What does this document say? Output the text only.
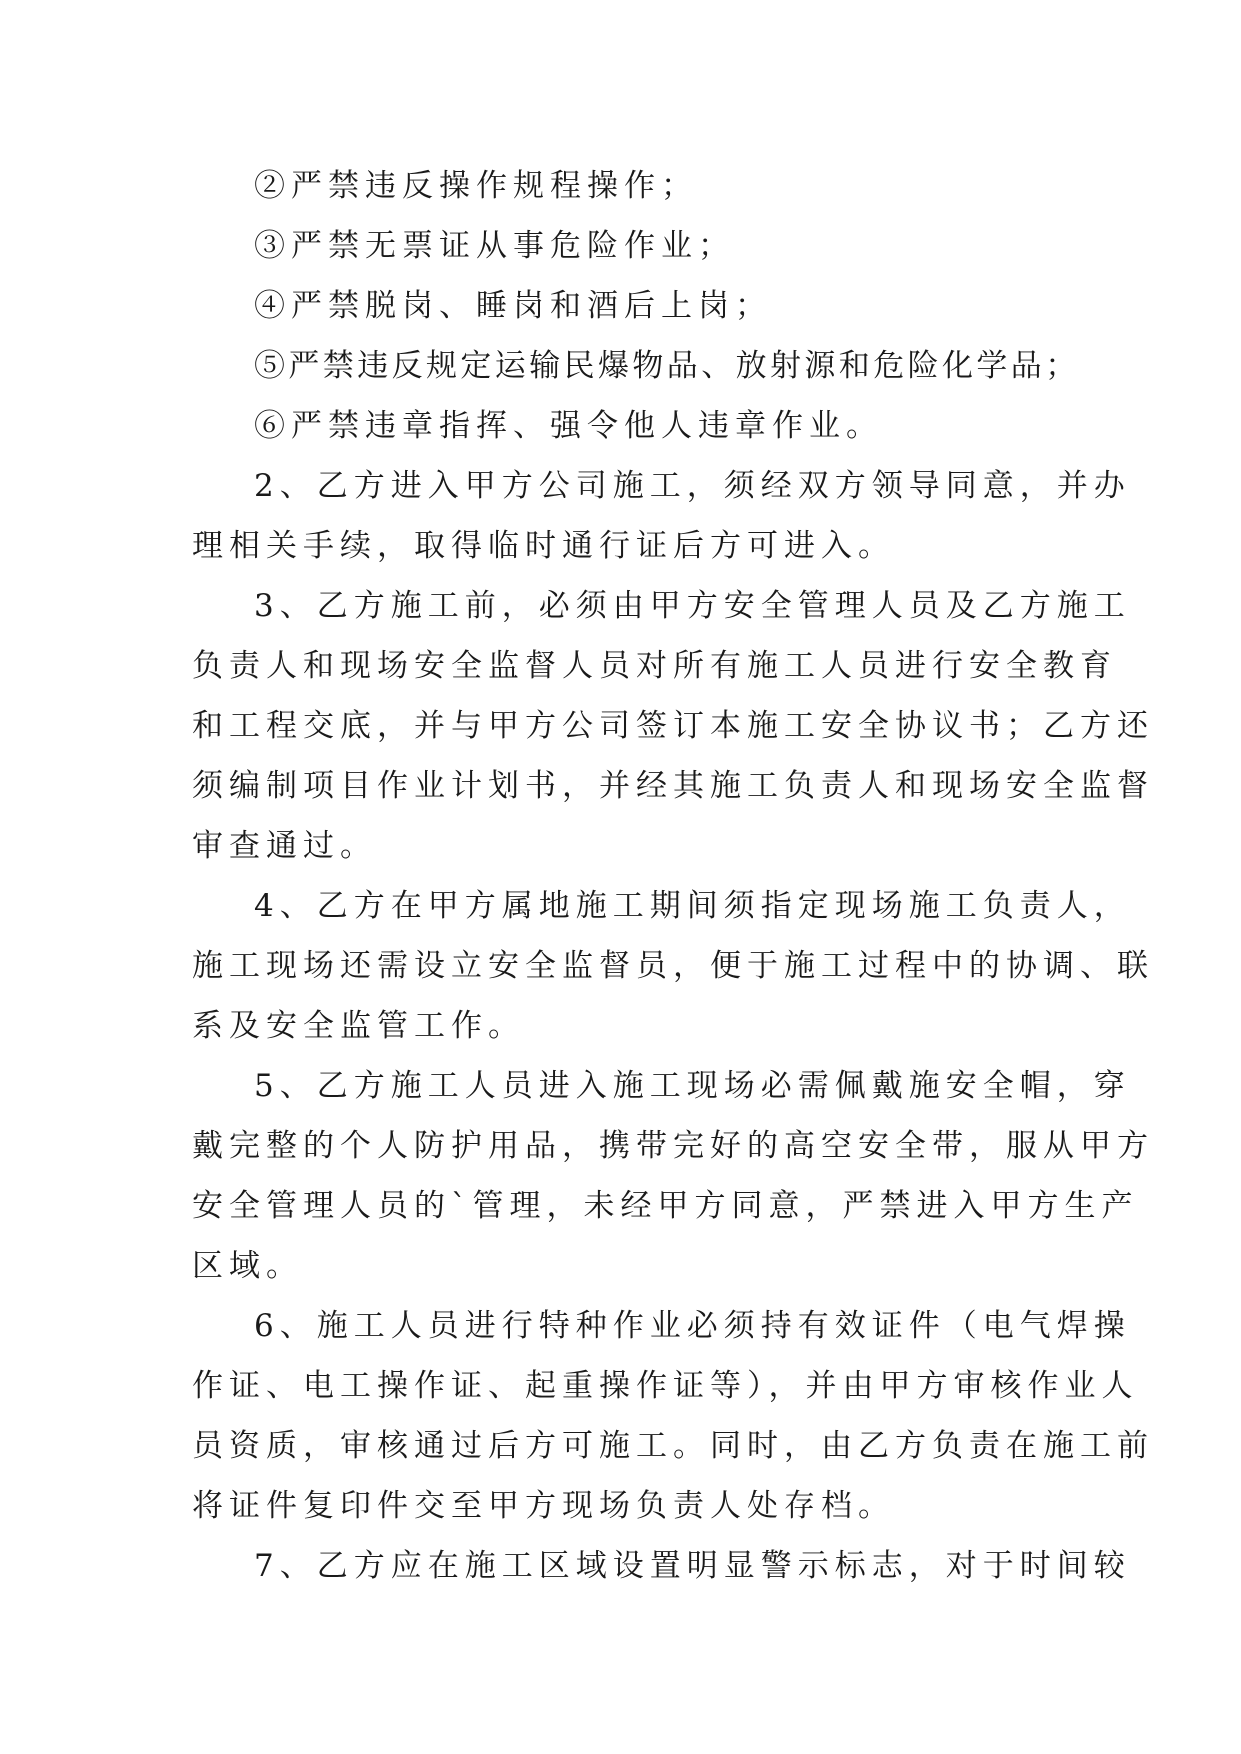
②严禁违反操作规程操作；
③严禁无票证从事危险作业；
④严禁脱岗、睡岗和酒后上岗；
⑤严禁违反规定运输民爆物品、放射源和危险化学品；
⑥严禁违章指挥、强令他人违章作业。
2、乙方进入甲方公司施工，须经双方领导同意，并办
理相关手续，取得临时通行证后方可进入。
3、乙方施工前，必须由甲方安全管理人员及乙方施工
负责人和现场安全监督人员对所有施工人员进行安全教育
和工程交底，并与甲方公司签订本施工安全协议书；乙方还
须编制项目作业计划书，并经其施工负责人和现场安全监督
审查通过。
4、乙方在甲方属地施工期间须指定现场施工负责人，
施工现场还需设立安全监督员，便于施工过程中的协调、联
系及安全监管工作。
5、乙方施工人员进入施工现场必需佩戴施安全帽，穿
戴完整的个人防护用品，携带完好的高空安全带，服从甲方
安全管理人员的`管理，未经甲方同意，严禁进入甲方生产
区域。
6、施工人员进行特种作业必须持有效证件（电气焊操
作证、电工操作证、起重操作证等），并由甲方审核作业人
员资质，审核通过后方可施工。同时，由乙方负责在施工前
将证件复印件交至甲方现场负责人处存档。
7、乙方应在施工区域设置明显警示标志，对于时间较
